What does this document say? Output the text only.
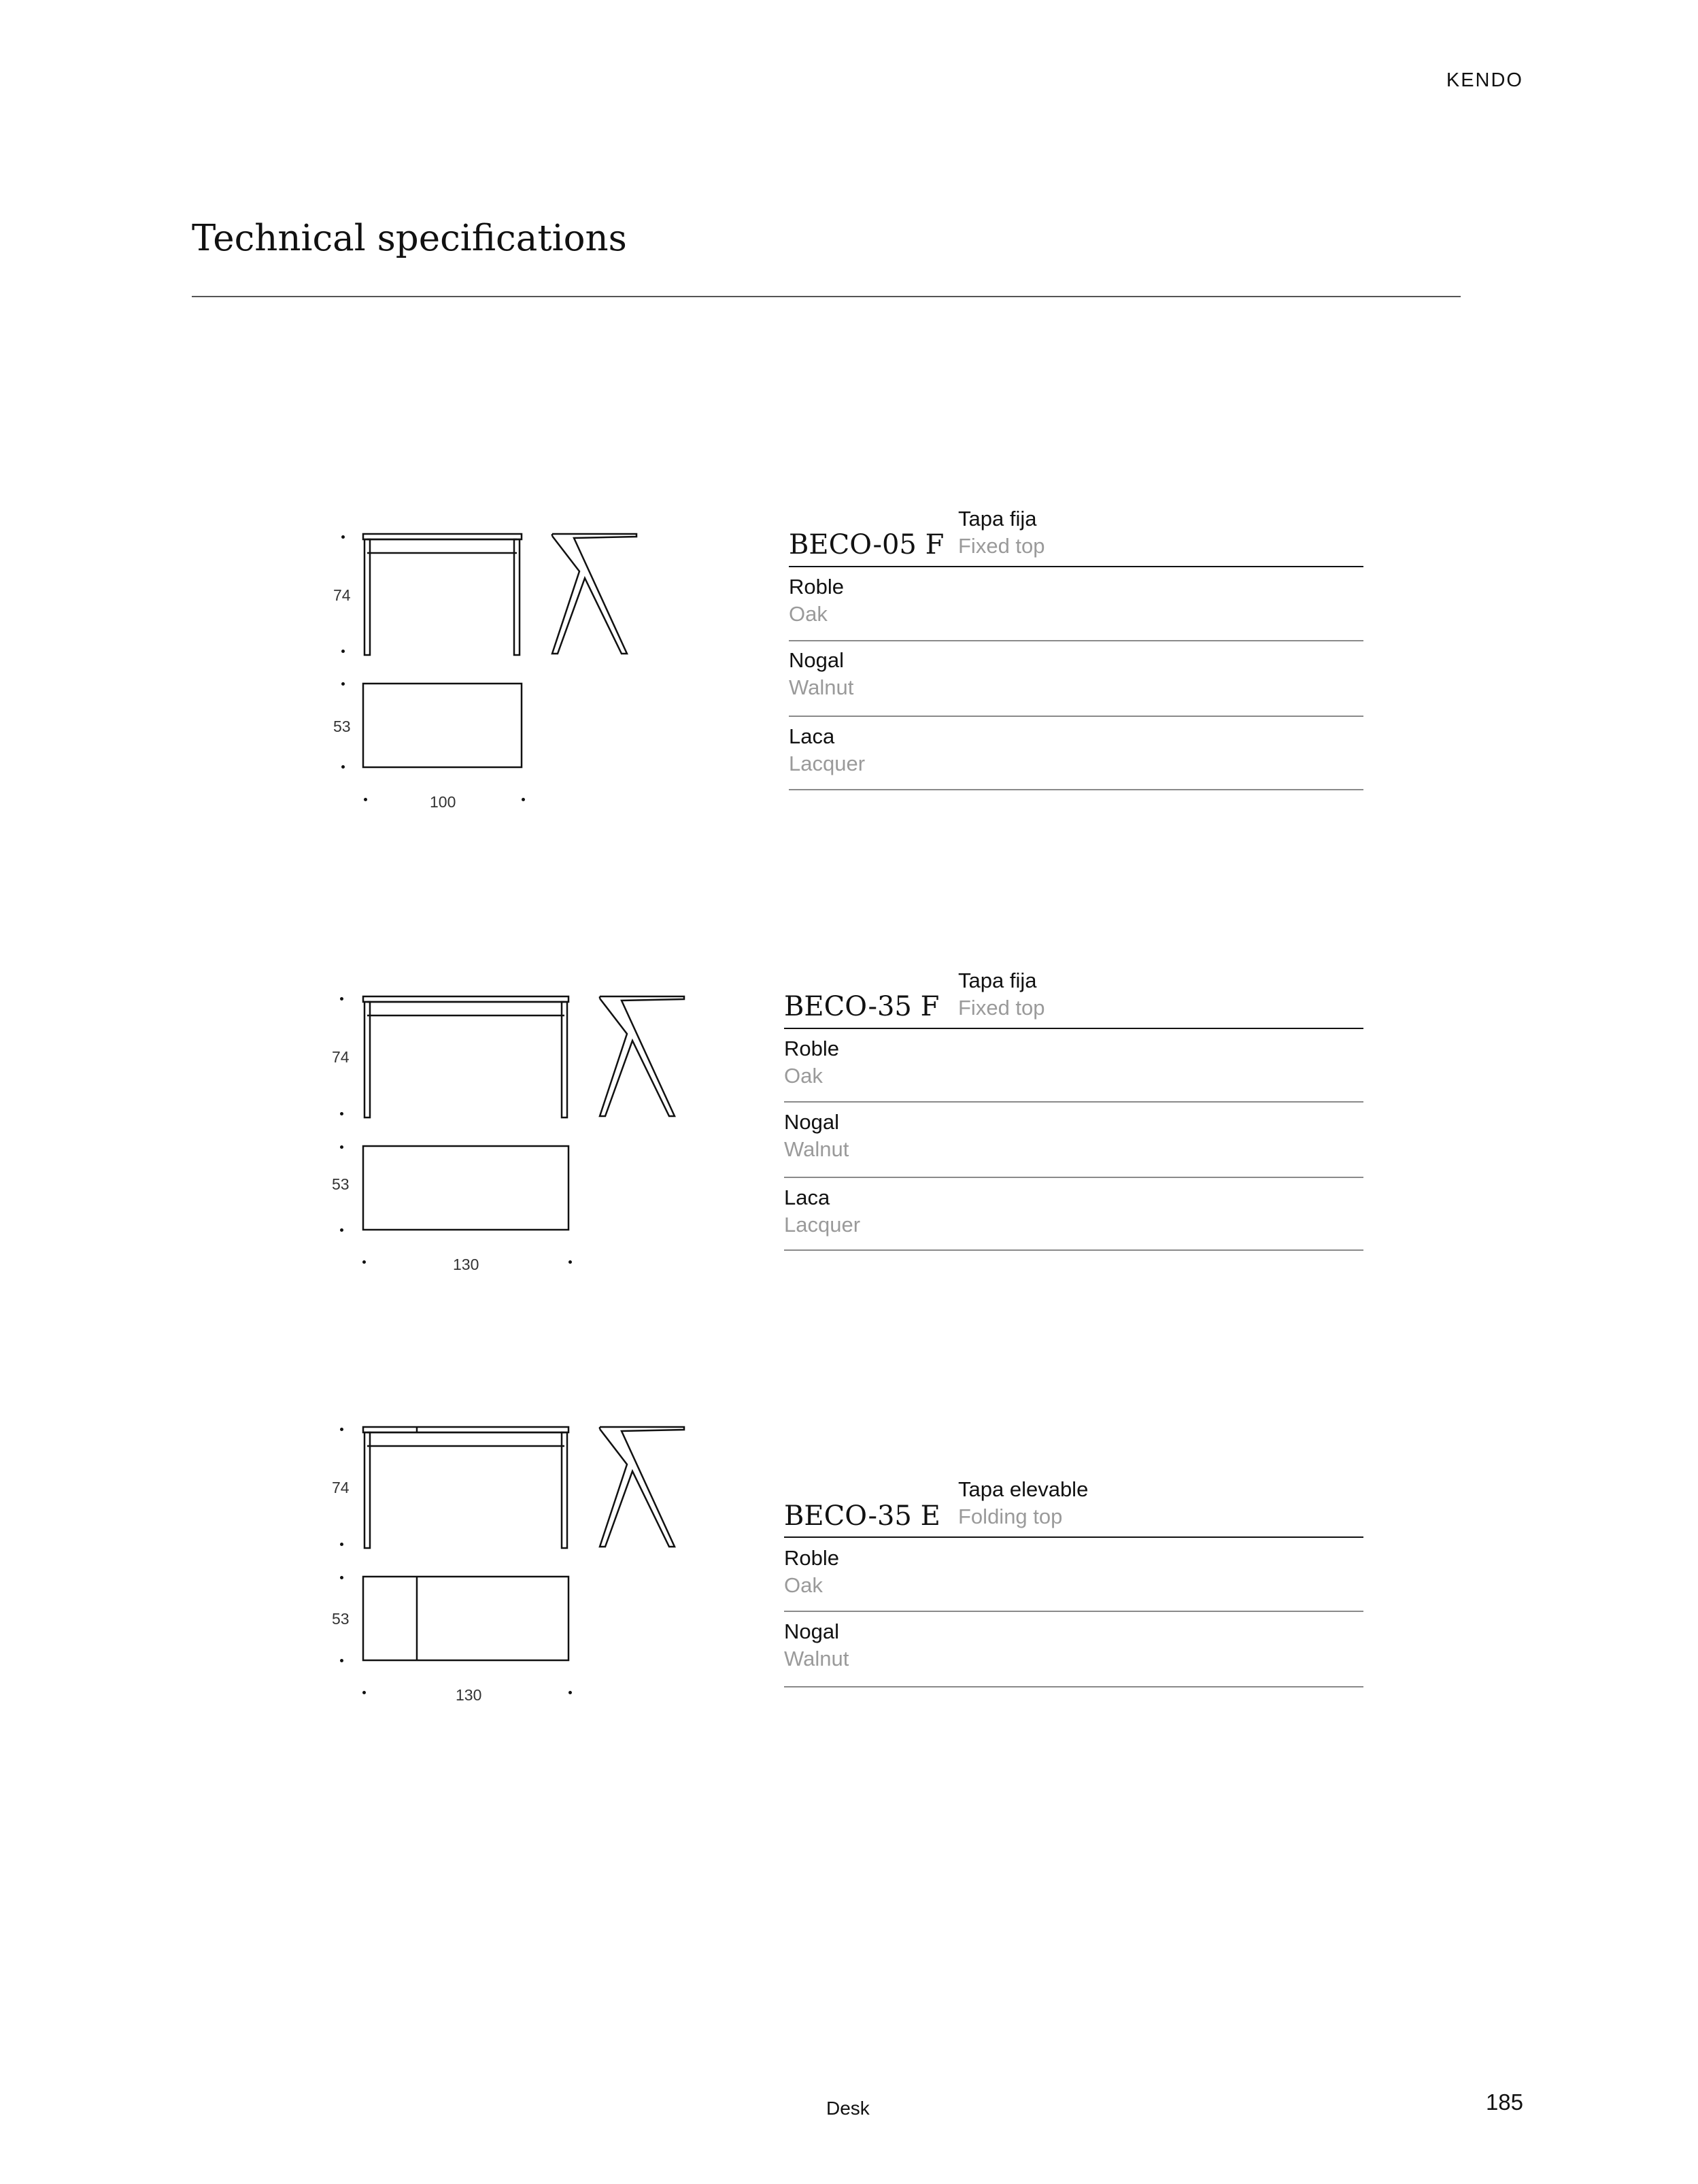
KENDO
Technical specifications
74
53
100
BECO-05 F
Tapa fija
Fixed top
Roble
Oak
Nogal
Walnut
Laca
Lacquer
74
53
130
BECO-35 F
Tapa fija
Fixed top
Roble
Oak
Nogal
Walnut
Laca
Lacquer
74
53
130
BECO-35 E
Tapa elevable
Folding top
Roble
Oak
Nogal
Walnut
Desk	185
